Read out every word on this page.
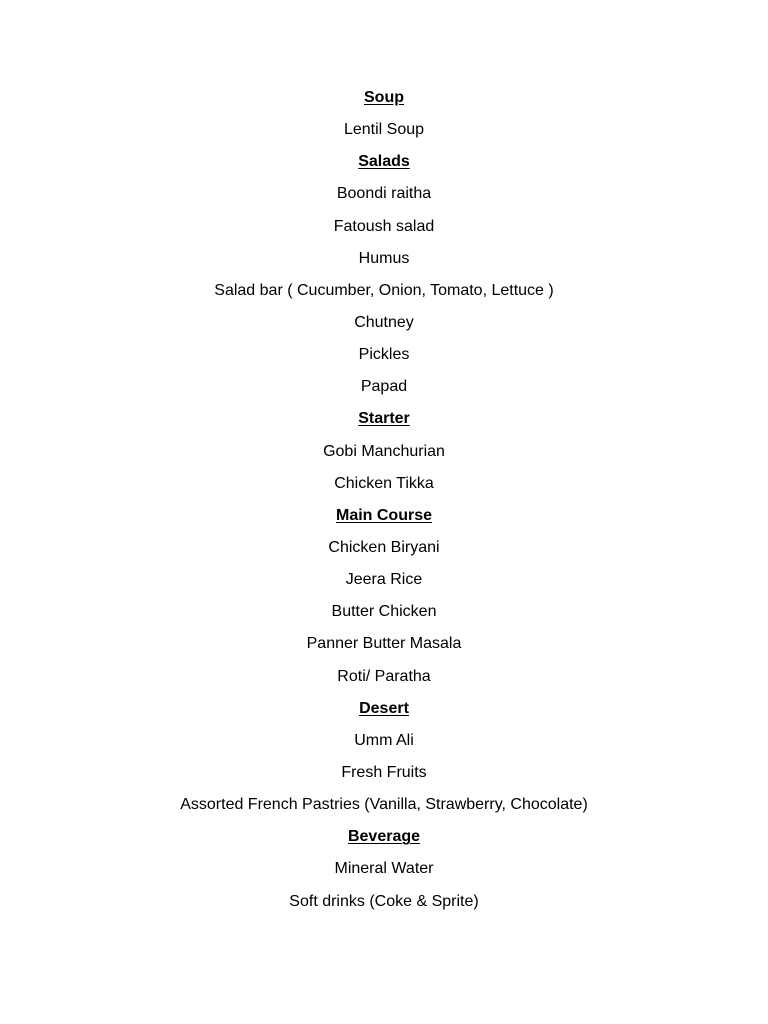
Soup
Lentil Soup
Salads
Boondi raitha
Fatoush salad
Humus
Salad bar ( Cucumber, Onion, Tomato, Lettuce )
Chutney
Pickles
Papad
Starter
Gobi Manchurian
Chicken Tikka
Main Course
Chicken Biryani
Jeera Rice
Butter Chicken
Panner Butter Masala
Roti/ Paratha
Desert
Umm Ali
Fresh Fruits
Assorted French Pastries (Vanilla, Strawberry, Chocolate)
Beverage
Mineral Water
Soft drinks (Coke & Sprite)
